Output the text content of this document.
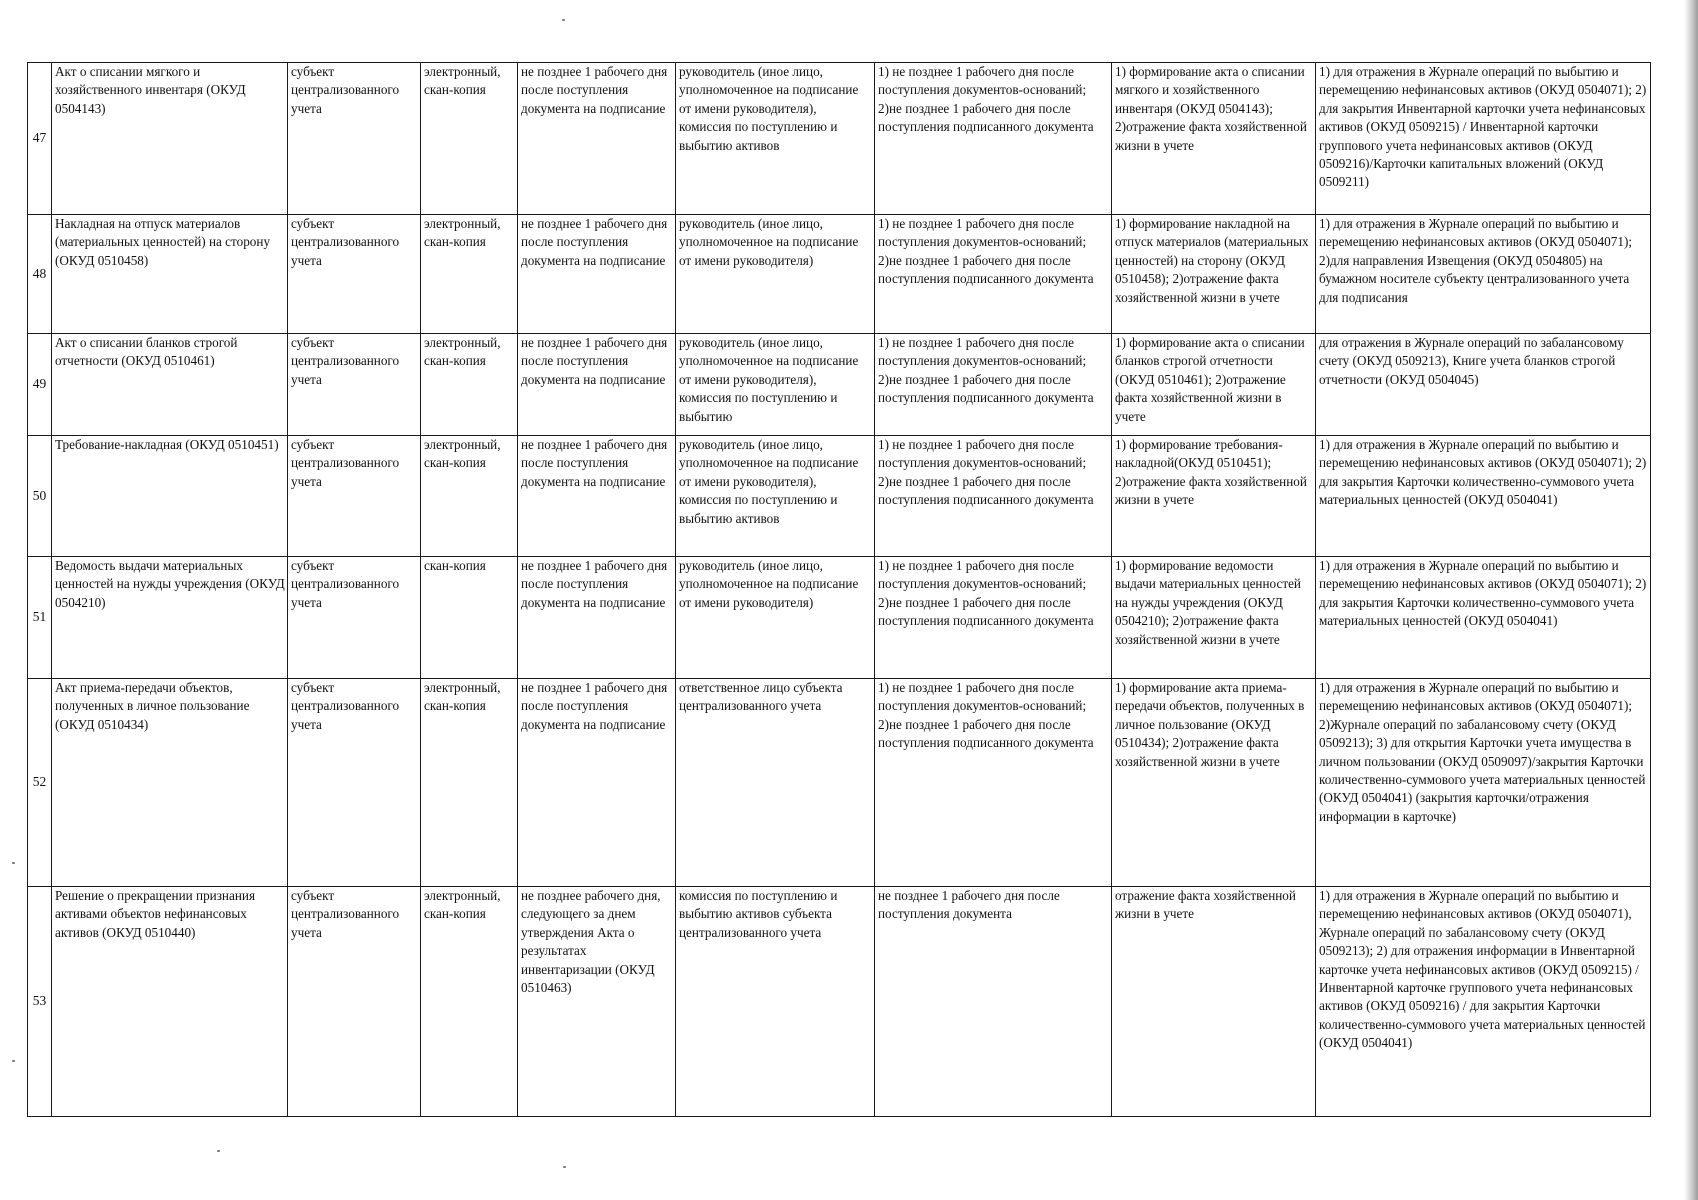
47	Акт о списании мягкого и хозяйственного инвентаря (ОКУД 0504143)	субъект централизованного учета	электронный, скан-копия	не позднее 1 рабочего дня после поступления документа на подписание	руководитель (иное лицо, уполномоченное на подписание от имени руководителя), комиссия по поступлению и выбытию активов	1) не позднее 1 рабочего дня после поступления документов-оснований; 2)не позднее 1 рабочего дня после поступления подписанного документа	1) формирование акта о списании мягкого и хозяйственного инвентаря (ОКУД 0504143); 2)отражение факта хозяйственной жизни в учете	1) для отражения в Журнале операций по выбытию и перемещению нефинансовых активов (ОКУД 0504071); 2) для закрытия Инвентарной карточки учета нефинансовых активов (ОКУД 0509215) / Инвентарной карточки группового учета нефинансовых активов (ОКУД 0509216)/Карточки капитальных вложений (ОКУД 0509211)
48	Накладная на отпуск материалов (материальных ценностей) на сторону (ОКУД 0510458)	субъект централизованного учета	электронный, скан-копия	не позднее 1 рабочего дня после поступления документа на подписание	руководитель (иное лицо, уполномоченное на подписание от имени руководителя)	1) не позднее 1 рабочего дня после поступления документов-оснований; 2)не позднее 1 рабочего дня после поступления подписанного документа	1) формирование накладной на отпуск материалов (материальных ценностей) на сторону (ОКУД 0510458); 2)отражение факта хозяйственной жизни в учете	1) для отражения в Журнале операций по выбытию и перемещению нефинансовых активов (ОКУД 0504071); 2)для направления Извещения (ОКУД 0504805) на бумажном носителе субъекту централизованного учета для подписания
49	Акт о списании бланков строгой отчетности (ОКУД 0510461)	субъект централизованного учета	электронный, скан-копия	не позднее 1 рабочего дня после поступления документа на подписание	руководитель (иное лицо, уполномоченное на подписание от имени руководителя), комиссия по поступлению и выбытию	1) не позднее 1 рабочего дня после поступления документов-оснований; 2)не позднее 1 рабочего дня после поступления подписанного документа	1) формирование акта о списании бланков строгой отчетности (ОКУД 0510461); 2)отражение факта хозяйственной жизни в учете	для отражения в Журнале операций по забалансовому счету (ОКУД 0509213), Книге учета бланков строгой отчетности (ОКУД 0504045)
50	Требование-накладная (ОКУД 0510451)	субъект централизованного учета	электронный, скан-копия	не позднее 1 рабочего дня после поступления документа на подписание	руководитель (иное лицо, уполномоченное на подписание от имени руководителя), комиссия по поступлению и выбытию активов	1) не позднее 1 рабочего дня после поступления документов-оснований; 2)не позднее 1 рабочего дня после поступления подписанного документа	1) формирование требования-накладной(ОКУД 0510451); 2)отражение факта хозяйственной жизни в учете	1) для отражения в Журнале операций по выбытию и перемещению нефинансовых активов (ОКУД 0504071); 2) для закрытия Карточки количественно-суммового учета материальных ценностей (ОКУД 0504041)
51	Ведомость выдачи материальных ценностей на нужды учреждения (ОКУД 0504210)	субъект централизованного учета	скан-копия	не позднее 1 рабочего дня после поступления документа на подписание	руководитель (иное лицо, уполномоченное на подписание от имени руководителя)	1) не позднее 1 рабочего дня после поступления документов-оснований; 2)не позднее 1 рабочего дня после поступления подписанного документа	1) формирование ведомости выдачи материальных ценностей на нужды учреждения (ОКУД 0504210); 2)отражение факта хозяйственной жизни в учете	1) для отражения в Журнале операций по выбытию и перемещению нефинансовых активов (ОКУД 0504071); 2) для закрытия Карточки количественно-суммового учета материальных ценностей (ОКУД 0504041)
52	Акт приема-передачи объектов, полученных в личное пользование (ОКУД 0510434)	субъект централизованного учета	электронный, скан-копия	не позднее 1 рабочего дня после поступления документа на подписание	ответственное лицо субъекта централизованного учета	1) не позднее 1 рабочего дня после поступления документов-оснований; 2)не позднее 1 рабочего дня после поступления подписанного документа	1) формирование акта приема-передачи объектов, полученных в личное пользование (ОКУД 0510434); 2)отражение факта хозяйственной жизни в учете	1) для отражения в Журнале операций по выбытию и перемещению нефинансовых активов (ОКУД 0504071); 2)Журнале операций по забалансовому счету (ОКУД 0509213); 3) для открытия Карточки учета имущества в личном пользовании (ОКУД 0509097)/закрытия Карточки количественно-суммового учета материальных ценностей (ОКУД 0504041) (закрытия карточки/отражения информации в карточке)
53	Решение о прекращении признания активами объектов нефинансовых активов (ОКУД 0510440)	субъект централизованного учета	электронный, скан-копия	не позднее рабочего дня, следующего за днем утверждения Акта о результатах инвентаризации (ОКУД 0510463)	комиссия по поступлению и выбытию активов субъекта централизованного учета	не позднее 1 рабочего дня после поступления документа	отражение факта хозяйственной жизни в учете	1) для отражения в Журнале операций по выбытию и перемещению нефинансовых активов (ОКУД 0504071), Журнале операций по забалансовому счету (ОКУД 0509213); 2) для отражения информации в Инвентарной карточке учета нефинансовых активов (ОКУД 0509215) / Инвентарной карточке группового учета нефинансовых активов (ОКУД 0509216) / для закрытия Карточки количественно-суммового учета материальных ценностей (ОКУД 0504041)
